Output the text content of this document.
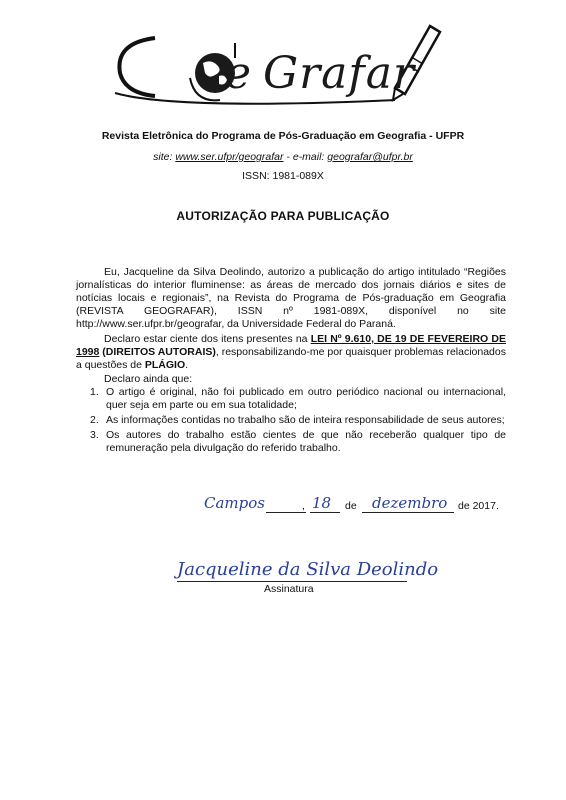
e Grafar
Revista Eletrônica do Programa de Pós-Graduação em Geografia - UFPR
site: www.ser.ufpr/geografar - e-mail: geografar@ufpr.br
ISSN: 1981-089X
AUTORIZAÇÃO PARA PUBLICAÇÃO
Eu, Jacqueline da Silva Deolindo, autorizo a publicação do artigo intitulado “Regiões jornalísticas do interior fluminense: as áreas de mercado dos jornais diários e sites de notícias locais e regionais”, na Revista do Programa de Pós-graduação em Geografia (REVISTA GEOGRAFAR), ISSN nº 1981-089X, disponível no site http://www.ser.ufpr.br/geografar, da Universidade Federal do Paraná.
Declaro estar ciente dos itens presentes na LEI Nº 9.610, DE 19 DE FEVEREIRO DE 1998 (DIREITOS AUTORAIS), responsabilizando-me por quaisquer problemas relacionados a questões de PLÁGIO.
Declaro ainda que:
1. O artigo é original, não foi publicado em outro periódico nacional ou internacional, quer seja em parte ou em sua totalidade;
2. As informações contidas no trabalho são de inteira responsabilidade de seus autores;
3. Os autores do trabalho estão cientes de que não receberão qualquer tipo de remuneração pela divulgação do referido trabalho.
Campos	, 18 de dezembro de 2017.
Jacqueline da Silva Deolindo
Assinatura
